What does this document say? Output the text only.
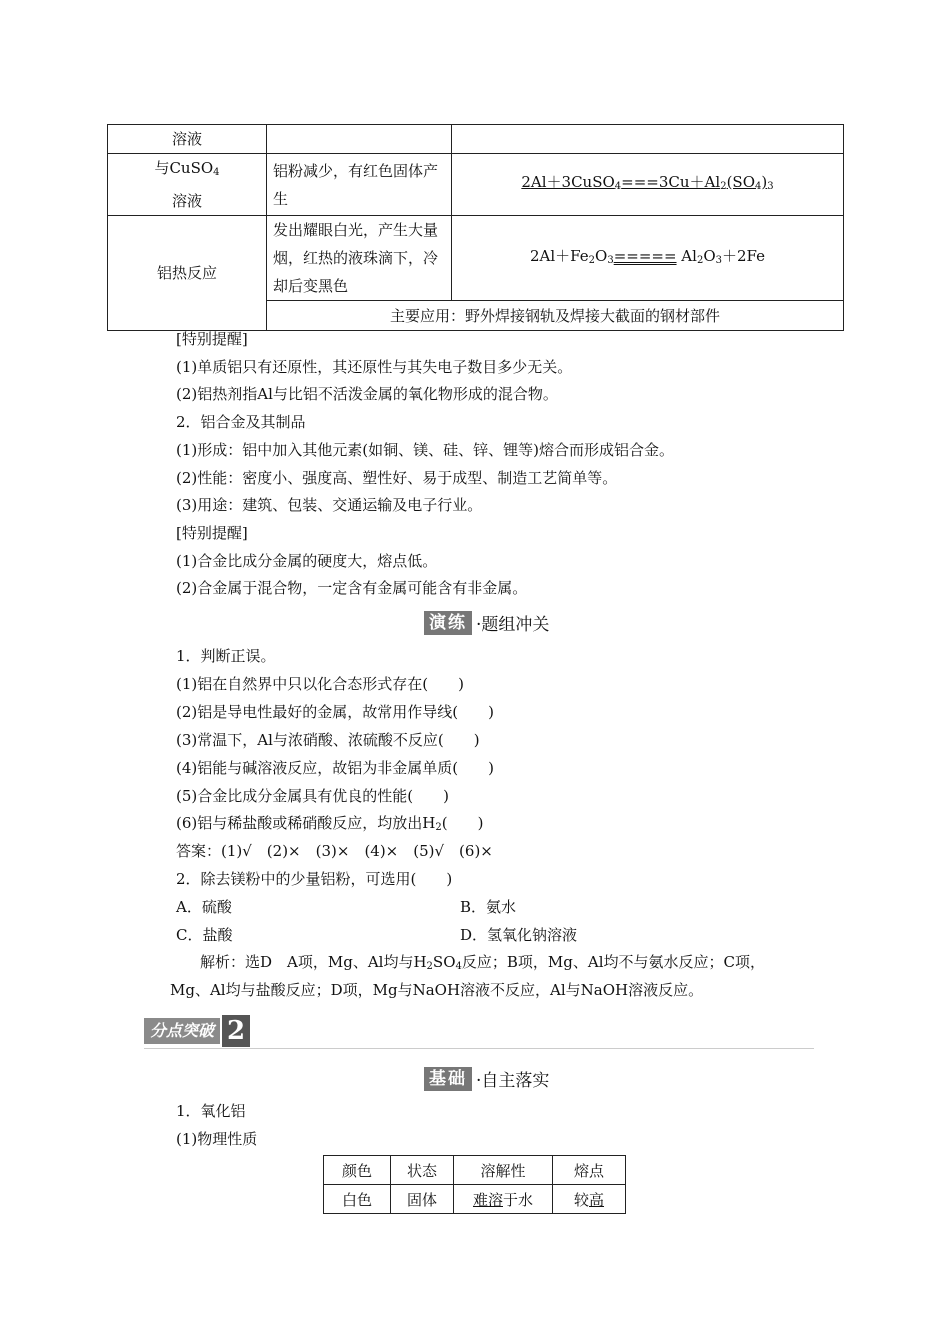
溶液		

与CuSO$_4$
溶液	铝粉减少，有红色固体产生	$2Al+3CuSO_4===3Cu+Al_2(SO_4)_3$
铝热反应	发出耀眼白光，产生大量烟，红热的液珠滴下，冷却后变黑色	$2Al+Fe_2O_3===== Al_2O_3+2Fe$
	主要应用：野外焊接钢轨及焊接大截面的钢材部件	
[特别提醒]
(1)单质铝只有还原性，其还原性与其失电子数目多少无关。
(2)铝热剂指Al与比铝不活泼金属的氧化物形成的混合物。
2．铝合金及其制品
(1)形成：铝中加入其他元素(如铜、镁、硅、锌、锂等)熔合而形成铝合金。
(2)性能：密度小、强度高、塑性好、易于成型、制造工艺简单等。
(3)用途：建筑、包装、交通运输及电子行业。
[特别提醒]
(1)合金比成分金属的硬度大，熔点低。
(2)合金属于混合物，一定含有金属可能含有非金属。
演练 ·题组冲关
1．判断正误。
(1)铝在自然界中只以化合态形式存在(　　)
(2)铝是导电性最好的金属，故常用作导线(　　)
(3)常温下，Al与浓硝酸、浓硫酸不反应(　　)
(4)铝能与碱溶液反应，故铝为非金属单质(　　)
(5)合金比成分金属具有优良的性能(　　)
(6)铝与稀盐酸或稀硝酸反应，均放出$H_2$(　　)
答案：(1)√　(2)×　(3)×　(4)×　(5)√　(6)×
2．除去镁粉中的少量铝粉，可选用(　　)
A．硫酸	B．氨水
C．盐酸	D．氢氧化钠溶液
解析：选D　A项，Mg、Al均与$H_2SO_4$反应；B项，Mg、Al均不与氨水反应；C项，
Mg、Al均与盐酸反应；D项，Mg与NaOH溶液不反应，Al与NaOH溶液反应。
分点突破 2
基础 ·自主落实
1．氧化铝
(1)物理性质
颜色	状态	溶解性	熔点
白色	固体	难溶于水	较高
